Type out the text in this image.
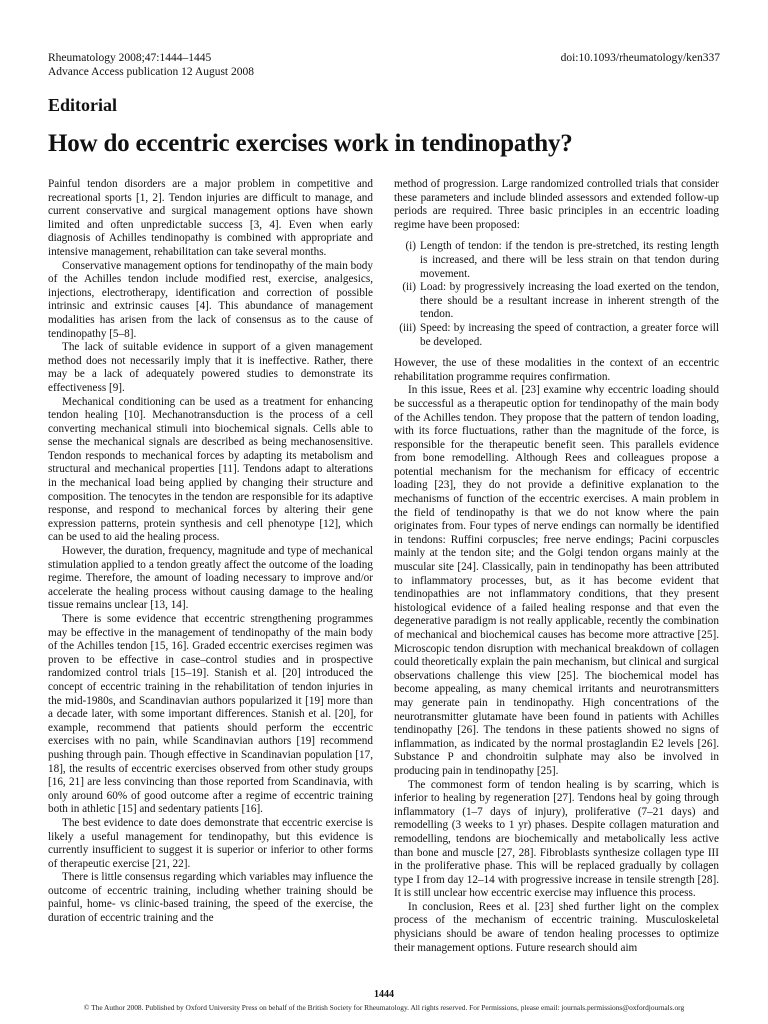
Rheumatology 2008;47:1444–1445
Advance Access publication 12 August 2008
doi:10.1093/rheumatology/ken337
Editorial
How do eccentric exercises work in tendinopathy?

Painful tendon disorders are a major problem in competitive and recreational sports [1, 2]. Tendon injuries are difficult to manage, and current conservative and surgical management options have shown limited and often unpredictable success [3, 4]. Even when early diagnosis of Achilles tendinopathy is combined with appropriate and intensive management, rehabilitation can take several months.

Conservative management options for tendinopathy of the main body of the Achilles tendon include modified rest, exercise, analgesics, injections, electrotherapy, identification and correction of possible intrinsic and extrinsic causes [4]. This abundance of management modalities has arisen from the lack of consensus as to the cause of tendinopathy [5–8].

The lack of suitable evidence in support of a given management method does not necessarily imply that it is ineffective. Rather, there may be a lack of adequately powered studies to demonstrate its effectiveness [9].

Mechanical conditioning can be used as a treatment for enhancing tendon healing [10]. Mechanotransduction is the process of a cell converting mechanical stimuli into biochemical signals. Cells able to sense the mechanical signals are described as being mechanosensitive. Tendon responds to mechanical forces by adapting its metabolism and structural and mechanical properties [11]. Tendons adapt to alterations in the mechanical load being applied by changing their structure and composition. The tenocytes in the tendon are responsible for its adaptive response, and respond to mechanical forces by altering their gene expression patterns, protein synthesis and cell phenotype [12], which can be used to aid the healing process.

However, the duration, frequency, magnitude and type of mechanical stimulation applied to a tendon greatly affect the outcome of the loading regime. Therefore, the amount of loading necessary to improve and/or accelerate the healing process without causing damage to the healing tissue remains unclear [13, 14].

There is some evidence that eccentric strengthening programmes may be effective in the management of tendinopathy of the main body of the Achilles tendon [15, 16]. Graded eccentric exercises regimen was proven to be effective in case–control studies and in prospective randomized control trials [15–19]. Stanish et al. [20] introduced the concept of eccentric training in the rehabilitation of tendon injuries in the mid-1980s, and Scandinavian authors popularized it [19] more than a decade later, with some important differences. Stanish et al. [20], for example, recommend that patients should perform the eccentric exercises with no pain, while Scandinavian authors [19] recommend pushing through pain. Though effective in Scandinavian population [17, 18], the results of eccentric exercises observed from other study groups [16, 21] are less convincing than those reported from Scandinavia, with only around 60% of good outcome after a regime of eccentric training both in athletic [15] and sedentary patients [16].

The best evidence to date does demonstrate that eccentric exercise is likely a useful management for tendinopathy, but this evidence is currently insufficient to suggest it is superior or inferior to other forms of therapeutic exercise [21, 22].

There is little consensus regarding which variables may influence the outcome of eccentric training, including whether training should be painful, home- vs clinic-based training, the speed of the exercise, the duration of eccentric training and the

method of progression. Large randomized controlled trials that consider these parameters and include blinded assessors and extended follow-up periods are required. Three basic principles in an eccentric loading regime have been proposed:

(i) Length of tendon: if the tendon is pre-stretched, its resting length is increased, and there will be less strain on that tendon during movement.
(ii) Load: by progressively increasing the load exerted on the tendon, there should be a resultant increase in inherent strength of the tendon.
(iii) Speed: by increasing the speed of contraction, a greater force will be developed.

However, the use of these modalities in the context of an eccentric rehabilitation programme requires confirmation.

In this issue, Rees et al. [23] examine why eccentric loading should be successful as a therapeutic option for tendinopathy of the main body of the Achilles tendon. They propose that the pattern of tendon loading, with its force fluctuations, rather than the magnitude of the force, is responsible for the therapeutic benefit seen. This parallels evidence from bone remodelling. Although Rees and colleagues propose a potential mechanism for the mechanism for efficacy of eccentric loading [23], they do not provide a definitive explanation to the mechanisms of function of the eccentric exercises. A main problem in the field of tendinopathy is that we do not know where the pain originates from. Four types of nerve endings can normally be identified in tendons: Ruffini corpuscles; free nerve endings; Pacini corpuscles mainly at the tendon site; and the Golgi tendon organs mainly at the muscular site [24]. Classically, pain in tendinopathy has been attributed to inflammatory processes, but, as it has become evident that tendinopathies are not inflammatory conditions, that they present histological evidence of a failed healing response and that even the degenerative paradigm is not really applicable, recently the combination of mechanical and biochemical causes has become more attractive [25]. Microscopic tendon disruption with mechanical breakdown of collagen could theoretically explain the pain mechanism, but clinical and surgical observations challenge this view [25]. The biochemical model has become appealing, as many chemical irritants and neurotransmitters may generate pain in tendinopathy. High concentrations of the neurotransmitter glutamate have been found in patients with Achilles tendinopathy [26]. The tendons in these patients showed no signs of inflammation, as indicated by the normal prostaglandin E2 levels [26]. Substance P and chondroitin sulphate may also be involved in producing pain in tendinopathy [25].

The commonest form of tendon healing is by scarring, which is inferior to healing by regeneration [27]. Tendons heal by going through inflammatory (1–7 days of injury), proliferative (7–21 days) and remodelling (3 weeks to 1 yr) phases. Despite collagen maturation and remodelling, tendons are biochemically and metabolically less active than bone and muscle [27, 28]. Fibroblasts synthesize collagen type III in the proliferative phase. This will be replaced gradually by collagen type I from day 12–14 with progressive increase in tensile strength [28]. It is still unclear how eccentric exercise may influence this process.

In conclusion, Rees et al. [23] shed further light on the complex process of the mechanism of eccentric training. Musculoskeletal physicians should be aware of tendon healing processes to optimize their management options. Future research should aim

1444
© The Author 2008. Published by Oxford University Press on behalf of the British Society for Rheumatology. All rights reserved. For Permissions, please email: journals.permissions@oxfordjournals.org
